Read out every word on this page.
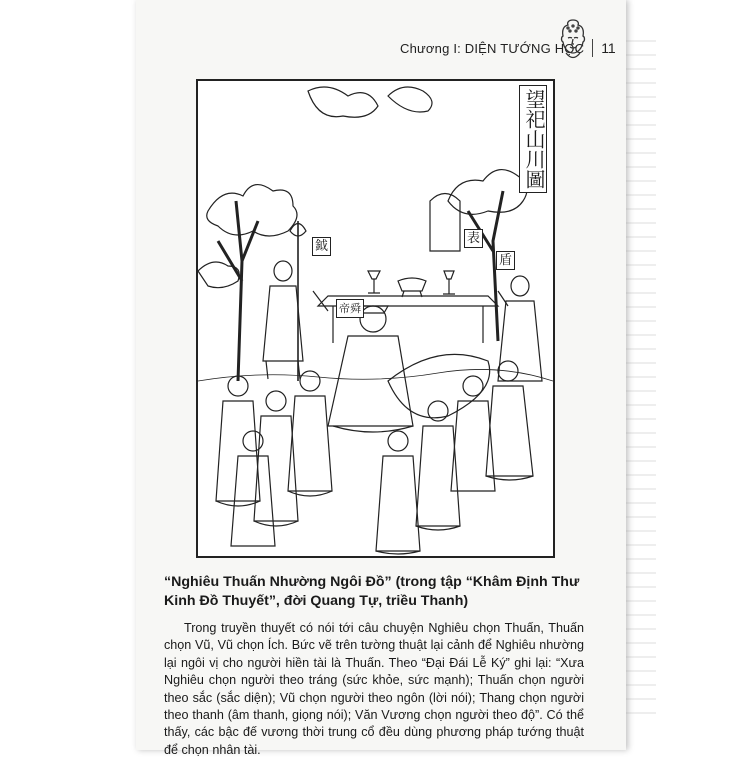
Chương I: DIỆN TƯỚNG HỌC 11
望祀山川圖
鉞
表
盾
帝舜
“Nghiêu Thuấn Nhường Ngôi Đồ” (trong tập “Khâm Định Thư Kinh Đồ Thuyết”, đời Quang Tự, triều Thanh)

Trong truyền thuyết có nói tới câu chuyện Nghiêu chọn Thuấn, Thuấn chọn Vũ, Vũ chọn Ích. Bức vẽ trên tường thuật lại cảnh để Nghiêu nhường lại ngôi vị cho người hiền tài là Thuấn. Theo “Đại Đái Lễ Ký” ghi lại: “Xưa Nghiêu chọn người theo tráng (sức khỏe, sức mạnh); Thuấn chọn người theo sắc (sắc diện); Vũ chọn người theo ngôn (lời nói); Thang chọn người theo thanh (âm thanh, giọng nói); Văn Vương chọn người theo độ”. Có thể thấy, các bậc đế vương thời trung cổ đều dùng phương pháp tướng thuật để chọn nhân tài.
